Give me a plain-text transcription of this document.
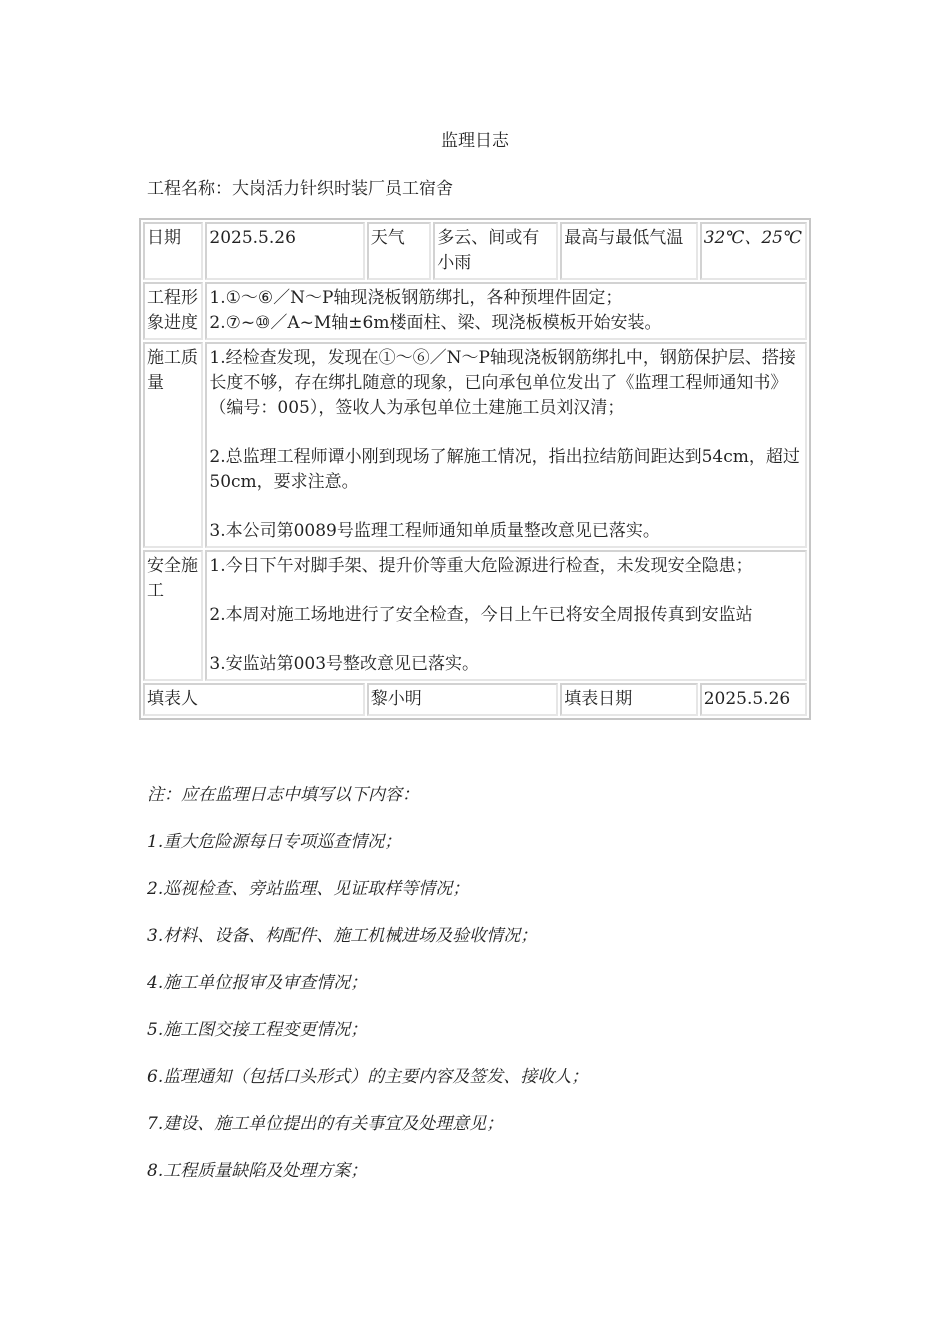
监理日志
工程名称：大岗活力针织时装厂员工宿舍
日期	2025.5.26	天气	多云、间或有小雨	最高与最低气温	32℃、25℃
工程形象进度	1.①～⑥／N～P轴现浇板钢筋绑扎，各种预埋件固定；
2.⑦~⑩／A~M轴±6m楼面柱、梁、现浇板模板开始安装。				

施工质量	1.经检查发现，发现在①～⑥／N～P轴现浇板钢筋绑扎中，钢筋保护层、搭接长度不够，存在绑扎随意的现象，已向承包单位发出了《监理工程师通知书》（编号：005），签收人为承包单位土建施工员刘汉清；

2.总监理工程师谭小刚到现场了解施工情况，指出拉结筋间距达到54cm，超过50cm，要求注意。

3.本公司第0089号监理工程师通知单质量整改意见已落实。				

安全施工	1.今日下午对脚手架、提升价等重大危险源进行检查，未发现安全隐患；

2.本周对施工场地进行了安全检查，今日上午已将安全周报传真到安监站

3.安监站第003号整改意见已落实。				

填表人		黎小明		填表日期	2025.5.26
注：应在监理日志中填写以下内容：
1.重大危险源每日专项巡查情况；
2.巡视检查、旁站监理、见证取样等情况；
3.材料、设备、构配件、施工机械进场及验收情况；
4.施工单位报审及审查情况；
5.施工图交接工程变更情况；
6.监理通知（包括口头形式）的主要内容及签发、接收人；
7.建设、施工单位提出的有关事宜及处理意见；
8.工程质量缺陷及处理方案；
